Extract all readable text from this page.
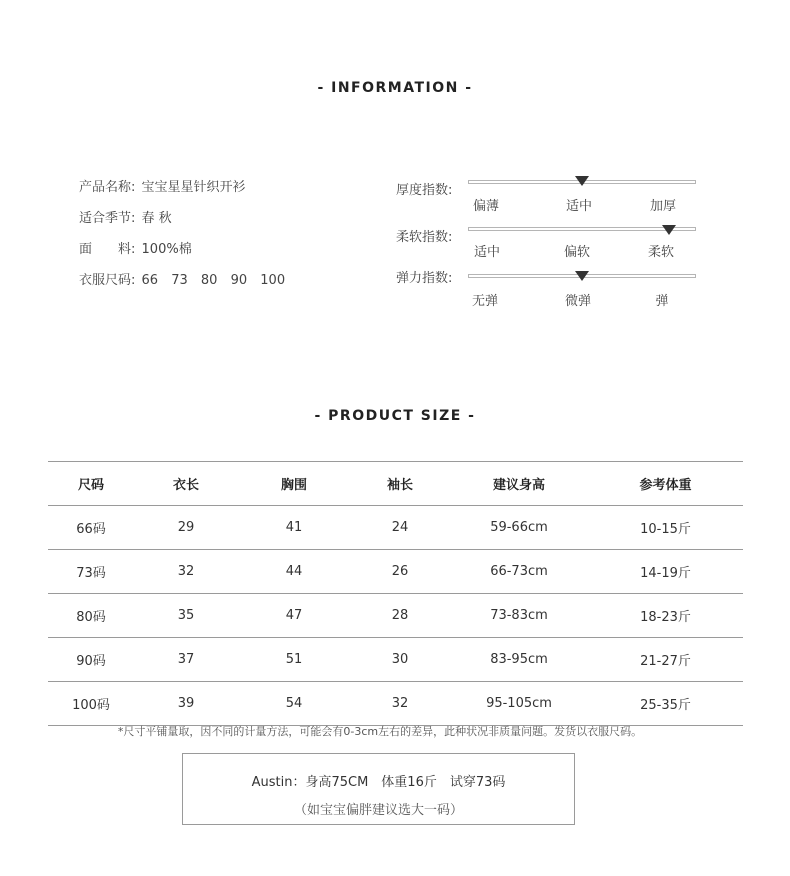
- INFORMATION -
产品名称: 宝宝星星针织开衫
适合季节: 春 秋
面　　料: 100%棉
衣服尺码: 66 73 80 90 100
厚度指数:
偏薄	适中	加厚
柔软指数:
适中	偏软	柔软
弹力指数:
无弹	微弹	弹
- PRODUCT SIZE -
尺码	衣长	胸围	袖长	建议身高	参考体重
66码	29	41	24	59-66cm	10-15斤
73码	32	44	26	66-73cm	14-19斤
80码	35	47	28	73-83cm	18-23斤
90码	37	51	30	83-95cm	21-27斤
100码	39	54	32	95-105cm	25-35斤
*尺寸平铺量取，因不同的计量方法，可能会有0-3cm左右的差异，此种状况非质量问题。发货以衣服尺码。
Austin：身高75CM　体重16斤　试穿73码
（如宝宝偏胖建议选大一码）
